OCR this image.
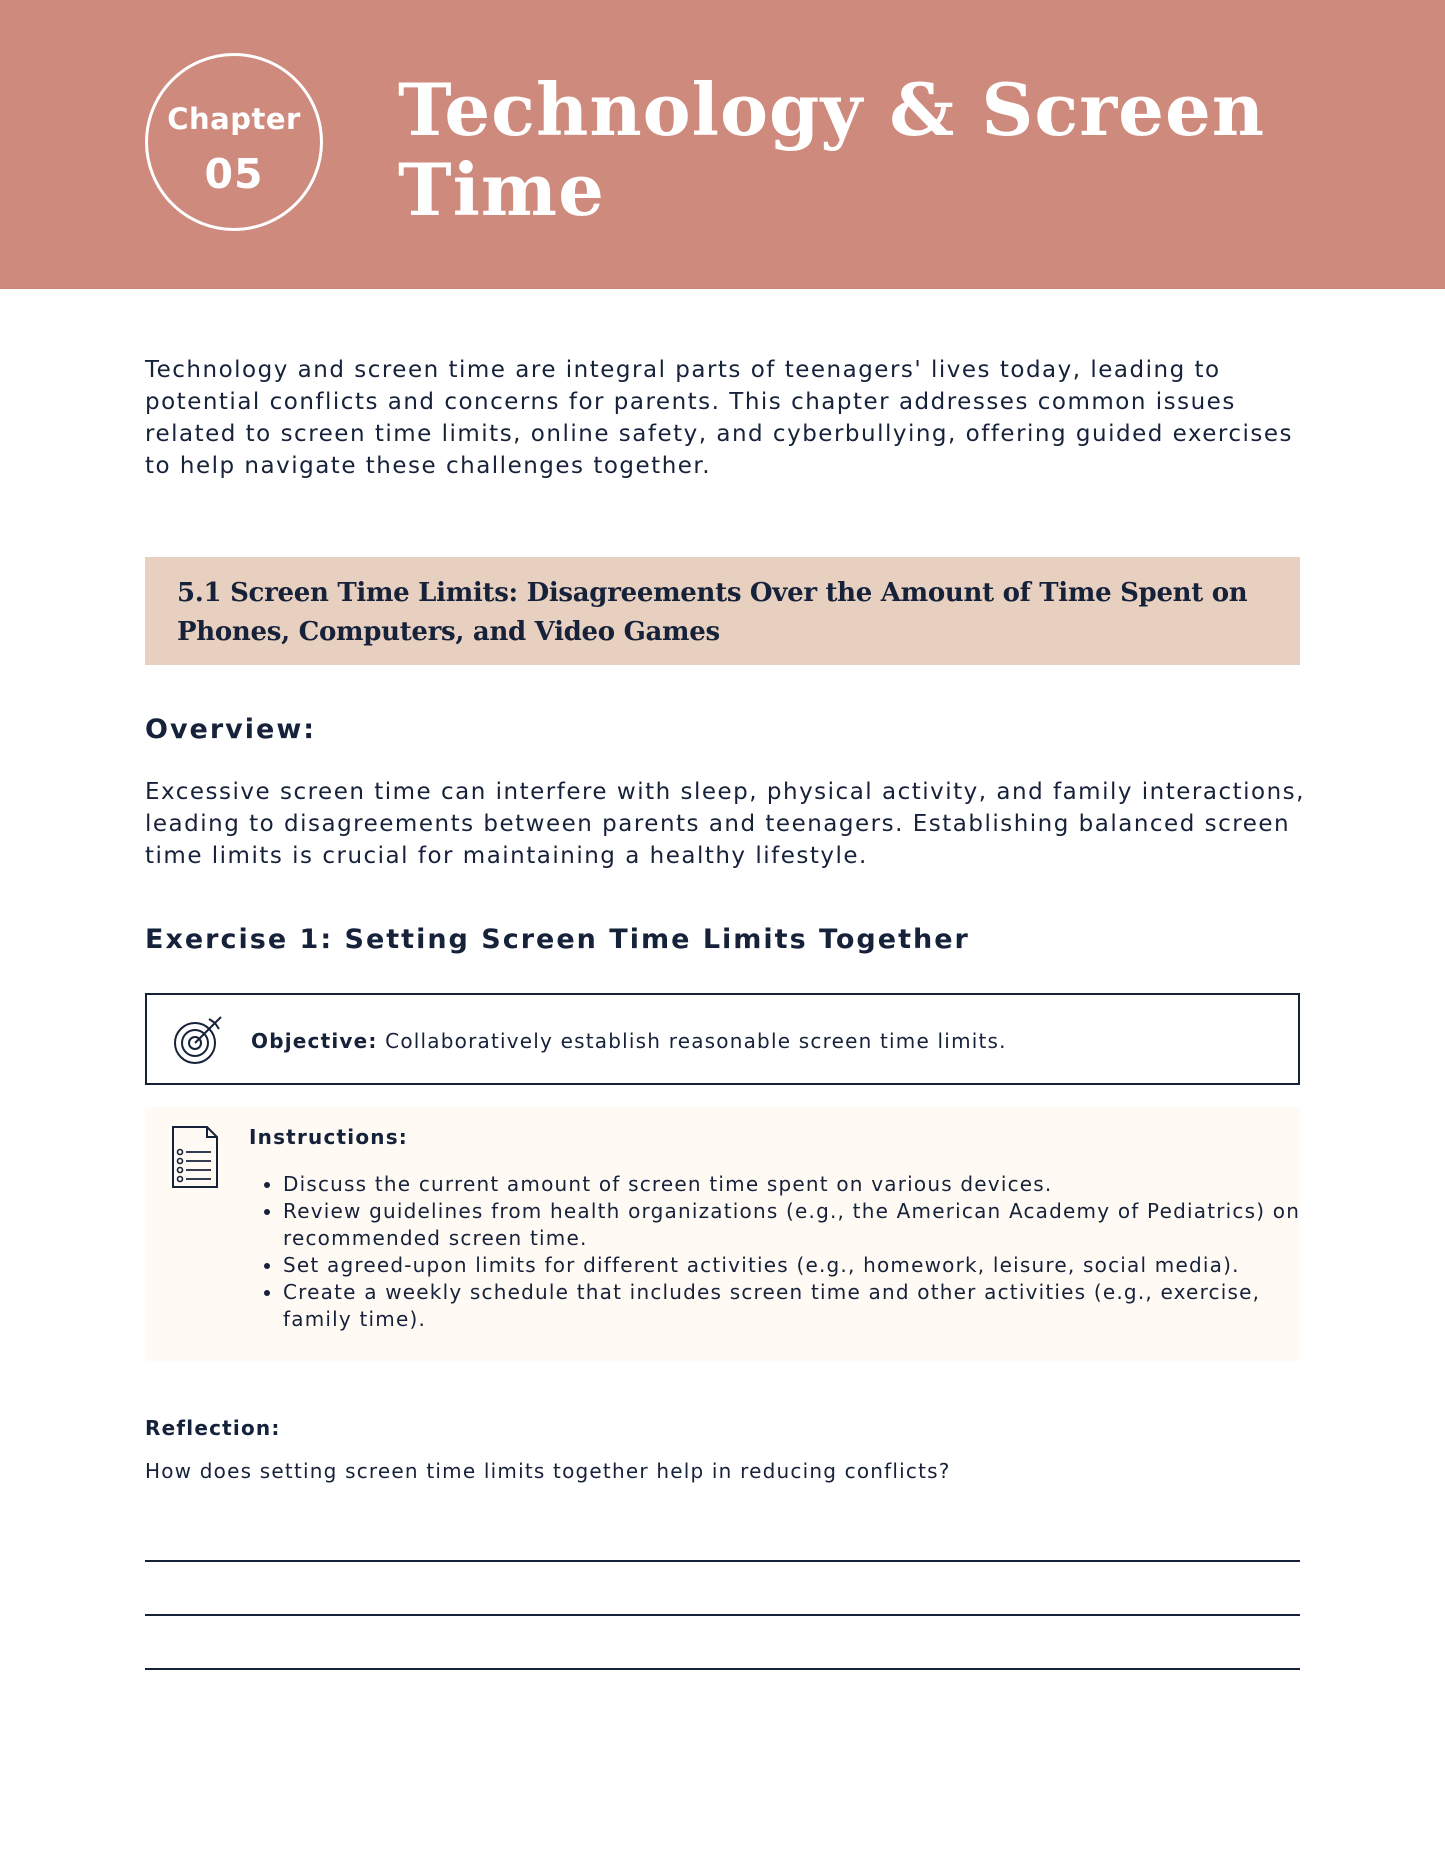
Chapter
05
Technology & Screen Time

Technology and screen time are integral parts of teenagers' lives today, leading to potential conflicts and concerns for parents. This chapter addresses common issues related to screen time limits, online safety, and cyberbullying, offering guided exercises to help navigate these challenges together.

5.1 Screen Time Limits: Disagreements Over the Amount of Time Spent on Phones, Computers, and Video Games
Overview:

Excessive screen time can interfere with sleep, physical activity, and family interactions, leading to disagreements between parents and teenagers. Establishing balanced screen time limits is crucial for maintaining a healthy lifestyle.

Exercise 1: Setting Screen Time Limits Together
Objective: Collaboratively establish reasonable screen time limits.
Instructions:
• Discuss the current amount of screen time spent on various devices.
• Review guidelines from health organizations (e.g., the American Academy of Pediatrics) on recommended screen time.
• Set agreed-upon limits for different activities (e.g., homework, leisure, social media).
• Create a weekly schedule that includes screen time and other activities (e.g., exercise, family time).
Reflection:

How does setting screen time limits together help in reducing conflicts?
